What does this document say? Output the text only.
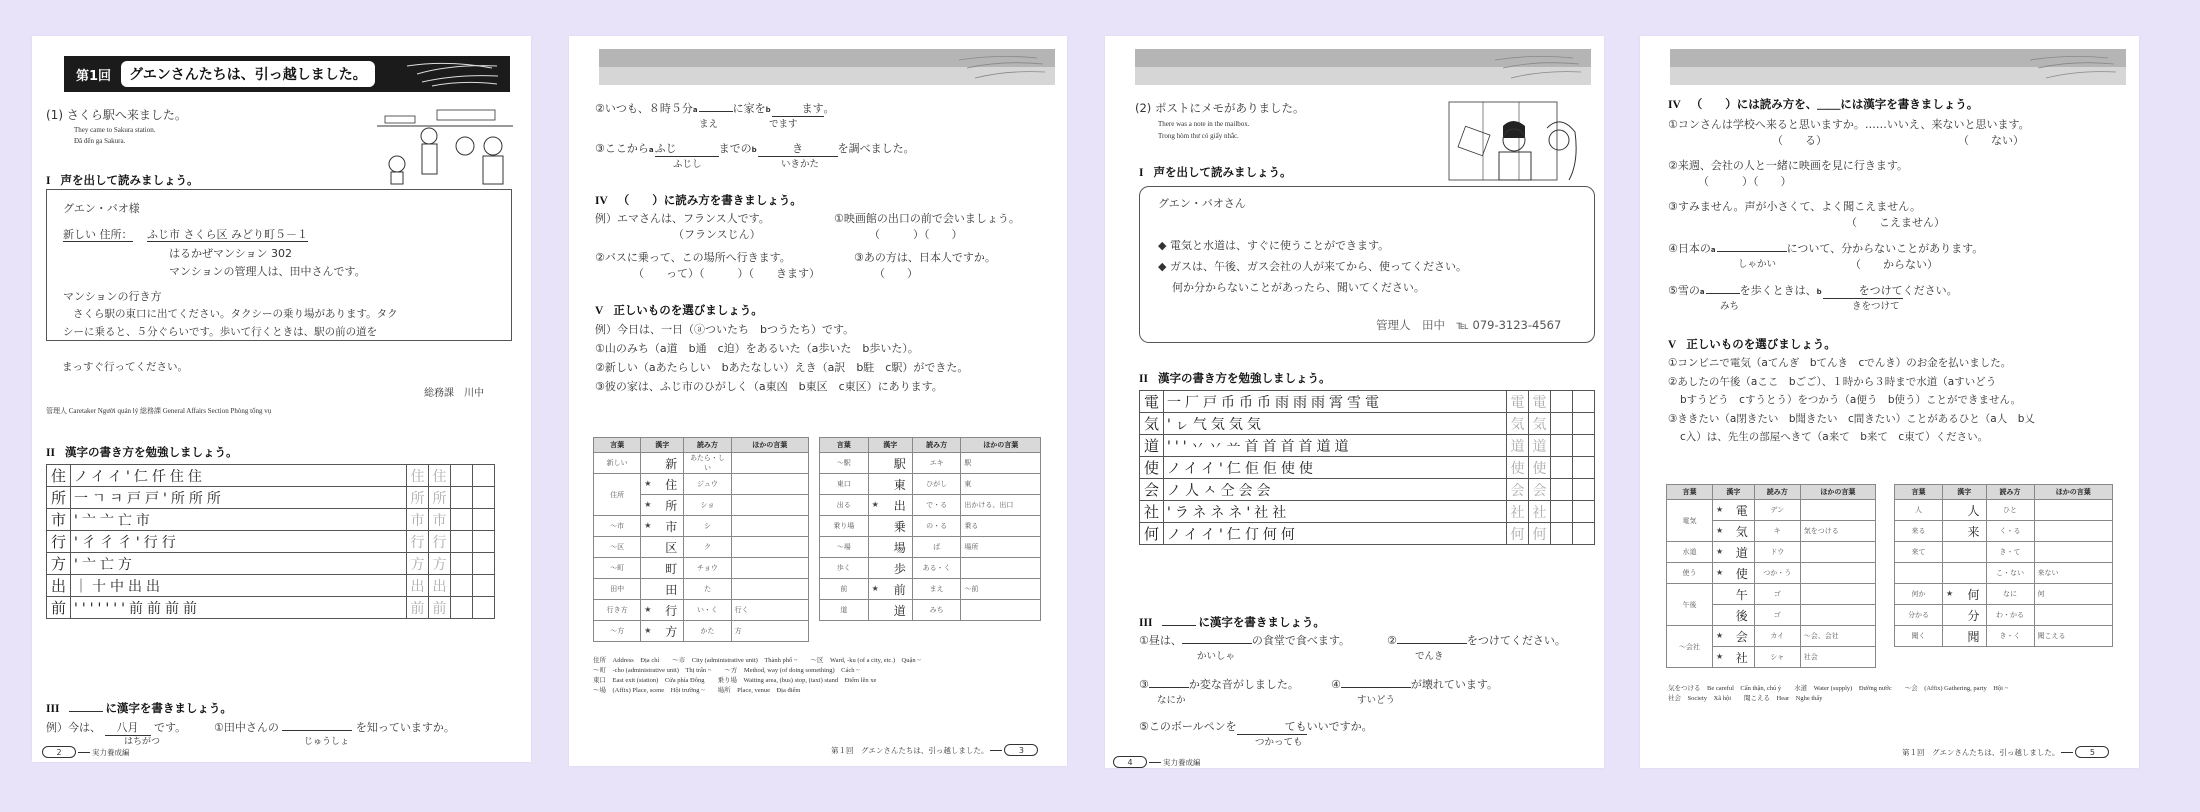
第1回	グエンさんたちは、引っ越しました。
(1) さくら駅へ来ました。
They came to Sakura station.
Đã đến ga Sakura.
I 声を出して読みましょう。
グエン・バオ様
新しい 住所： ふじ市 さくら区 みどり町５－１
はるかぜマンション 302
マンションの管理人は、田中さんです。
マンションの行き方
さくら駅の東口に出てください。タクシーの乗り場があります。タク
シーに乗ると、５分ぐらいです。歩いて行くときは、駅の前の道を
まっすぐ行ってください。
総務課　川中
管理人 Caretaker Người quản lý 総務課 General Affairs Section Phòng tổng vụ
II 漢字の書き方を勉強しましょう。
住	ノイイ'仁仟住住	住	住		
所	一ㄱㅋ戸戸'所所所	所	所		
市	'亠亠亡市	市	市		
行	'彳彳彳'行行	行	行		
方	'亠亡方	方	方		
出	｜十中出出	出	出		
前	'''''''前前前前	前	前		
III	に漢字を書きましょう。
例）今は、 八月 です。
はちがつ
①田中さんの	を知っていますか。
じゅうしょ
2	実力養成編
②いつも、８時５分a	に家をb	ます。
まえ	でます
③ここからaふじ	までのb	き	を調べました。
ふじし	いきかた
IV （　　）に読み方を書きましょう。
例）エマさんは、フランス人です。
（フランスじん）
①映画館の出口の前で会いましょう。
（　　　）（　　）
②バスに乗って、この場所へ行きます。
（　　って）（　　　）（　　きます）
③あの方は、日本人ですか。
（　　）
V 正しいものを選びましょう。
例）今日は、一日（ⓐついたち　bつうたち）です。
①山のみち（a道　b通　c迫）をあるいた（a歩いた　b歩いた）。
②新しい（aあたらしい　bあたなしい）えき（a訳　b駐　c駅）ができた。
③彼の家は、ふじ市のひがしく（a東凶　b東区　c東区）にあります。
言葉	漢字	読み方	ほかの言葉
新しい	新	あたら・しい	
住所	★ 住	ジュウ	

	★ 所	ショ	
～市	★ 市	シ	
～区	区	ク	
～町	町	チョウ	
田中	田	た	
行き方	★ 行	い・く	行く
～方	★ 方	かた	方
言葉	漢字	読み方	ほかの言葉
～駅	駅	エキ	駅
東口	東	ひがし	東
出る	★ 出	で・る	出かける、出口
乗り場	乗	の・る	乗る
～場	場	ば	場所
歩く	歩	ある・く	
前	★ 前	まえ	～前
道	道	みち	
住所　Address　Địa chỉ　　～市　City (administrative unit)　Thành phố ~　　～区　Ward, -ku (of a city, etc.)　Quận ~
～町　-cho (administrative unit)　Thị trấn ~　　～方　Method, way (of doing something)　Cách ~
東口　East exit (station)　Cửa phía Đông　　乗り場　Waiting area, (bus) stop, (taxi) stand　Điểm lên xe
～場　(Affix) Place, scene　Hội trường ~　　場所　Place, venue　Địa điểm
第１回　グエンさんたちは、引っ越しました。	3
(2) ポストにメモがありました。
There was a note in the mailbox.
Trong hòm thư có giấy nhắc.
I 声を出して読みましょう。
グエン・バオさん
◆ 電気と水道は、すぐに使うことができます。
◆ ガスは、午後、ガス会社の人が来てから、使ってください。
何か分からないことがあったら、聞いてください。
管理人　田中　℡ 079-3123-4567
II 漢字の書き方を勉強しましょう。
電	一厂戸币币币雨雨雨霄雪電	電	電		
気	'ㇾ气気気気	気	気		
道	'''丷丷䒑首首首首道道	道	道		
使	ノイイ'仁佢佢使使	使	使		
会	ノ人ㅅ仝会会	会	会		
社	'ラネネネ'社社	社	社		
何	ノイイ'仁仃何何	何	何		
III	に漢字を書きましょう。
①昼は、	の食堂で食べます。
かいしゃ
②	をつけてください。
でんき
③	か変な音がしました。
なにか
④	が壊れています。
すいどう
⑤このボールペンを	てもいいですか。
つかっても
4	実力養成編
IV （　　）には読み方を、＿＿には漢字を書きましょう。
①コンさんは学校へ来ると思いますか。……いいえ、来ないと思います。
（　　る）	（　　ない）
②来週、会社の人と一緒に映画を見に行きます。
（　　　）（　　）
③すみません。声が小さくて、よく聞こえません。
（　　こえません）
④日本のa	について、分からないことがあります。
しゃかい	（　　からない）
⑤雪のa	を歩くときは、b	をつけてください。
みち	きをつけて
V 正しいものを選びましょう。
①コンビニで電気（aてんぎ　bてんき　cでんき）のお金を払いました。
②あしたの午後（aここ　bごご）、１時から３時まで水道（aすいどう
bすうどう　cすうとう）をつかう（a便う　b使う）ことができません。
③ききたい（a閉きたい　b聞きたい　c間きたい）ことがあるひと（a人　b乂
c入）は、先生の部屋へきて（a来て　b来て　c東て）ください。
言葉	漢字	読み方	ほかの言葉
電気	★ 電	デン	

	★ 気	キ	気をつける
水道	★ 道	ドウ	
使う	★ 使	つか・う	
午後	午	ゴ	
	後	ゴ	
～会社	★ 会	カイ	～会、会社

	★ 社	シャ	社会
言葉	漢字	読み方	ほかの言葉
人	人	ひと	
来る	来	く・る	
来て		き・て	
		こ・ない	来ない
何か	★ 何	なに	何
分かる	分	わ・かる	
聞く	聞	き・く	聞こえる
気をつける　Be careful　Cẩn thận, chú ý　　水道　Water (supply)　Đường nước　　～会　(Affix) Gathering, party　Hội ~
社会　Society　Xã hội　　聞こえる　Hear　Nghe thấy
第１回　グエンさんたちは、引っ越しました。	5
